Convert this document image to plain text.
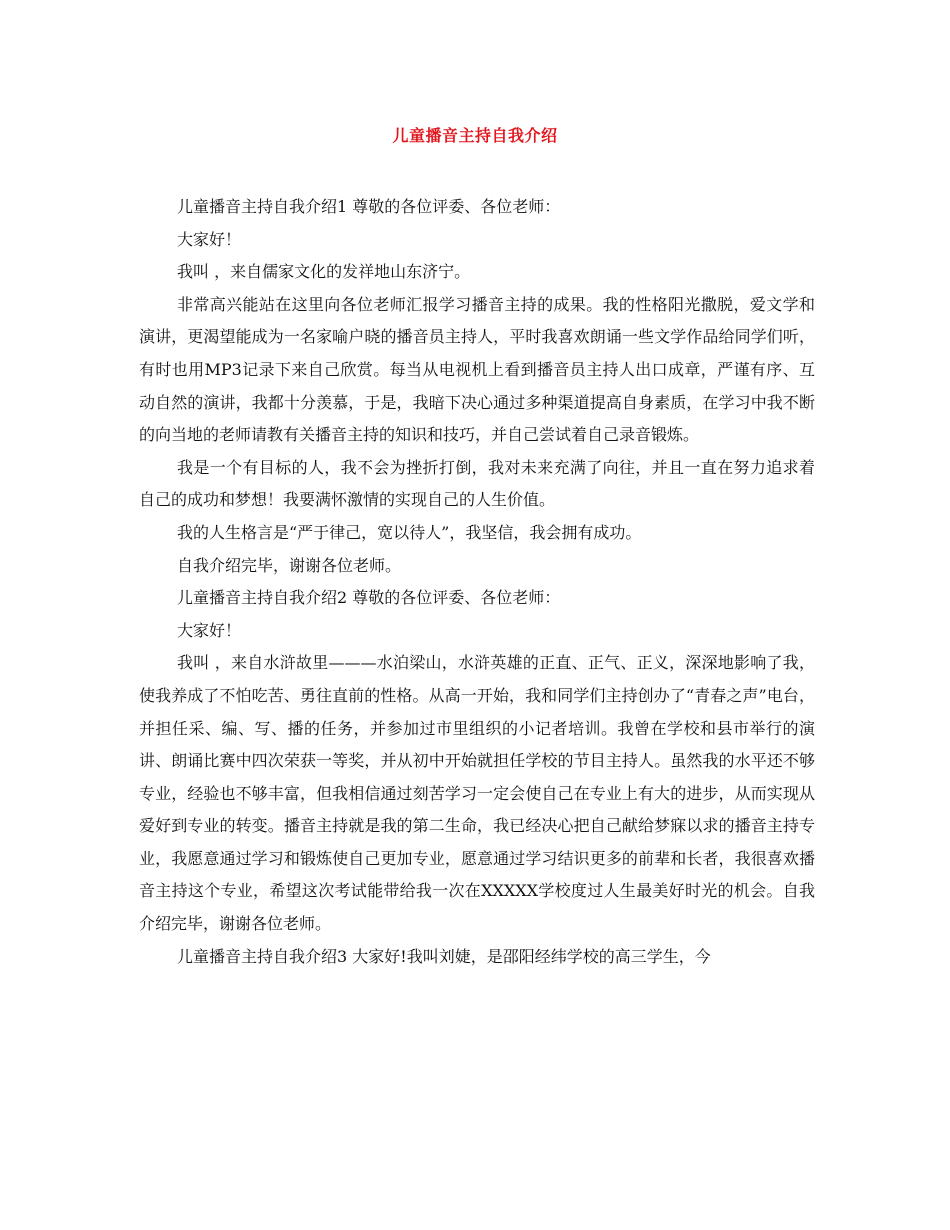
儿童播音主持自我介绍

儿童播音主持自我介绍1 尊敬的各位评委、各位老师：

大家好！

我叫 ，来自儒家文化的发祥地山东济宁。

非常高兴能站在这里向各位老师汇报学习播音主持的成果。我的性格阳光撒脱，爱文学和演讲，更渴望能成为一名家喻户晓的播音员主持人，平时我喜欢朗诵一些文学作品给同学们听，有时也用MP3记录下来自己欣赏。每当从电视机上看到播音员主持人出口成章，严谨有序、互动自然的演讲，我都十分羡慕，于是，我暗下决心通过多种渠道提高自身素质，在学习中我不断的向当地的老师请教有关播音主持的知识和技巧，并自己尝试着自己录音锻炼。

我是一个有目标的人，我不会为挫折打倒，我对未来充满了向往，并且一直在努力追求着自己的成功和梦想！我要满怀激情的实现自己的人生价值。

我的人生格言是“严于律己，宽以待人”，我坚信，我会拥有成功。

自我介绍完毕，谢谢各位老师。

儿童播音主持自我介绍2 尊敬的各位评委、各位老师：

大家好！

我叫 ，来自水浒故里———水泊梁山，水浒英雄的正直、正气、正义，深深地影响了我，使我养成了不怕吃苦、勇往直前的性格。从高一开始，我和同学们主持创办了“青春之声”电台，并担任采、编、写、播的任务，并参加过市里组织的小记者培训。我曾在学校和县市举行的演讲、朗诵比赛中四次荣获一等奖，并从初中开始就担任学校的节目主持人。虽然我的水平还不够专业，经验也不够丰富，但我相信通过刻苦学习一定会使自己在专业上有大的进步，从而实现从爱好到专业的转变。播音主持就是我的第二生命，我已经决心把自己献给梦寐以求的播音主持专业，我愿意通过学习和锻炼使自己更加专业，愿意通过学习结识更多的前辈和长者，我很喜欢播音主持这个专业，希望这次考试能带给我一次在XXXXX学校度过人生最美好时光的机会。自我介绍完毕，谢谢各位老师。

儿童播音主持自我介绍3 大家好!我叫刘婕，是邵阳经纬学校的高三学生，今
